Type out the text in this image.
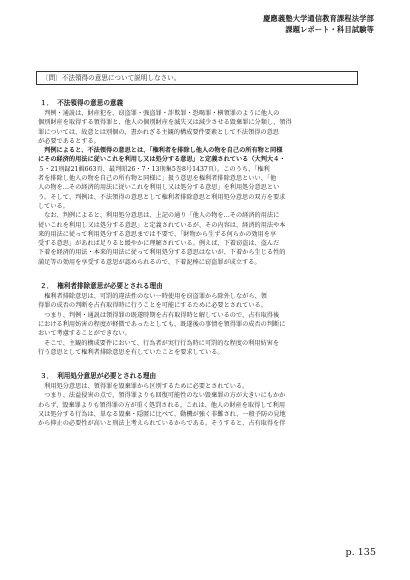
慶應義塾大学通信教育課程法学部
課題レポート・科目試験等
〔問〕不法領得の意思について説明しなさい。
１． 不法領得の意思の意義
　判例・通説は、財産犯を、窃盗罪・強盗罪・詐欺罪・恐喝罪・横領罪のように他人の
個別財産を取得する領得罪と、他人の個別財産を滅失又は減少させる毀棄罪に分類し、領得
罪については、故意とは別個の、書かれざる主観的構成要件要素として不法領得の意思
が必要であるとする。
　判例によると、不法領得の意思とは、「権利者を排除し他人の物を自己の所有物と同様
にその経済的用法に従いこれを利用し又は処分する意思」と定義されている（大判大４・
５・21刑録21輯663頁、最判昭26・7・13刑集5巻8号1437頁）。このうち、「権利
者を排除し他人の物を自己の所有物と同様に」扱う意思を権利者排除意思といい、「他
人の物を…その経済的用法に従いこれを利用し又は処分する意思」を利用処分意思とい
う。そして、判例は、不法領得の意思として権利者排除意思と利用処分意思の双方を要求
している。
　なお、判例によると、利用処分意思は、上記の通り「他人の物を…その経済的用法に
従いこれを利用し又は処分する意思」と定義されているが、その内容は、経済的用法や本
来的用法に従って利用処分する意思までは不要で、「財物から生ずる何らかの効用を享
受する意思」があれば足りると緩やかに理解されている。例えば、下着窃盗は、盗んだ
下着を経済的用法・本来的用法に従って利用処分する意思はないが、下着から生じる性的
満足等の効用を享受する意思が認められるので、下着泥棒に窃盗罪が成立する。
２． 権利者排除意思が必要とされる理由
　権利者排除意思は、可罰的違法性のない一時使用を窃盗罪から除外しながら、領
得罪の成否の判断を占有取得時に行うことを可能にするために必要とされている。
　つまり、判例・通説は領得罪の既遂時期を占有取得時と解しているので、占有取得後
における利用妨害の程度が軽微であったとしても、既遂後の事情を領得罪の成否の判断に
おいて考慮することができない。
　そこで、主観的構成要件において、行為者が実行行為時に可罰的な程度の利用妨害を
行う意思として権利者排除意思を有していたことを要求している。
３． 利用処分意思が必要とされる理由
　利用処分意思は、領得罪を毀棄罪から区別するために必要とされている。
　つまり、法益侵害の点で、領得罪よりも回復可能性のない毀棄罪の方が大きいにもかか
わらず、毀棄罪よりも領得罪の方が重く処罰される。これは、他人の財産を取得して利用
又は処分する行為は、単なる毀棄・隠匿に比べて、動機が強く非難され、一般予防の見地
から抑止の必要性が高いと刑法上考えられているからである。そうすると、占有取得を伴
p. 135
